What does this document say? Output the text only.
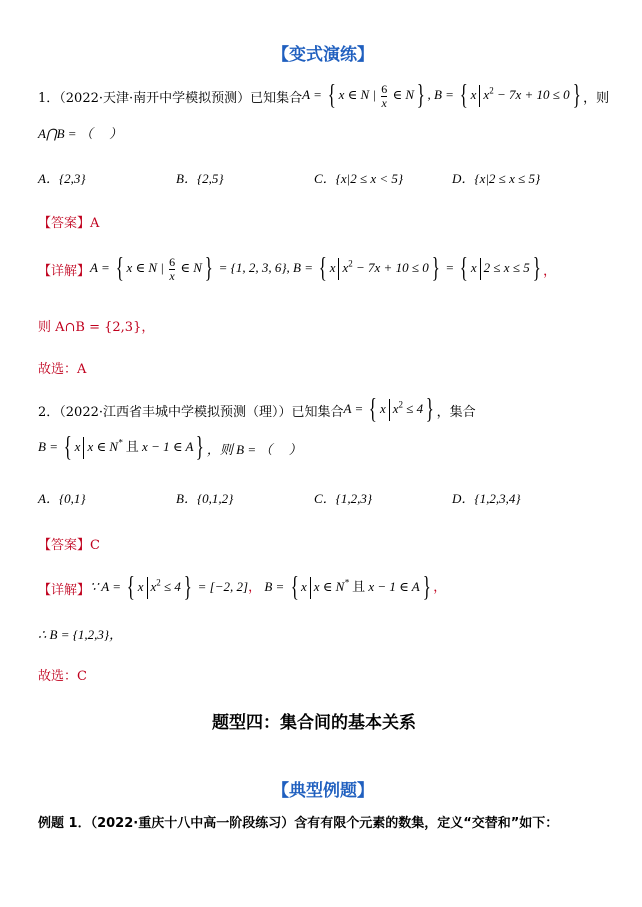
【变式演练】
1．（2022·天津·南开中学模拟预测）已知集合 A = { x ∈ N | $\frac{6}{x}$ ∈ N} , B = { x $x^2 - 7x + 10 \le 0$} ，则
A⋂B = （　 ）
A．{2,3}	B．{2,5}	C．{x|2 ≤ x < 5}	D．{x|2 ≤ x ≤ 5}
【答案】A
【详解】 A = { x ∈ N | $\frac{6}{x}$ ∈ N} = {1, 2, 3, 6}, B = { x $x^2 - 7x + 10 \le 0$} = { x 2 ≤ x ≤ 5} ，
则 A∩B = {2,3}，
故选：A
2．（2022·江西省丰城中学模拟预测（理））已知集合 A = { x $x^2 \le 4$} ，集合
B = { x x ∈ N* 且 x − 1 ∈ A} ，则 B = （　 ）
A．{0,1}	B．{0,1,2}	C．{1,2,3}	D．{1,2,3,4}
【答案】C
【详解】 ∵ A = { x $x^2 \le 4\} = [-2$, 2]， B = { x x ∈ N* 且 x − 1 ∈ A} ，
∴ B = {1,2,3}，
故选：C
题型四：集合间的基本关系
【典型例题】
例题 1．（2022·重庆十八中高一阶段练习）含有有限个元素的数集，定义“交替和”如下：
